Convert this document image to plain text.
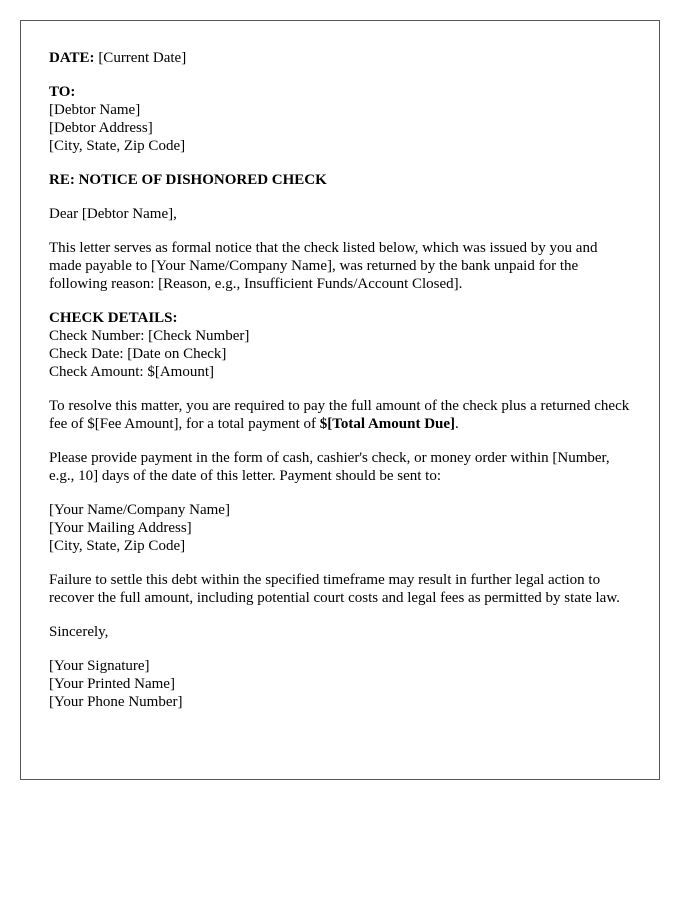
DATE: [Current Date]
TO:
[Debtor Name]
[Debtor Address]
[City, State, Zip Code]
RE: NOTICE OF DISHONORED CHECK
Dear [Debtor Name],

This letter serves as formal notice that the check listed below, which was issued by you and made payable to [Your Name/Company Name], was returned by the bank unpaid for the following reason: [Reason, e.g., Insufficient Funds/Account Closed].

CHECK DETAILS:
Check Number: [Check Number]
Check Date: [Date on Check]
Check Amount: $[Amount]

To resolve this matter, you are required to pay the full amount of the check plus a returned check fee of $[Fee Amount], for a total payment of $[Total Amount Due].

Please provide payment in the form of cash, cashier's check, or money order within [Number, e.g., 10] days of the date of this letter. Payment should be sent to:

[Your Name/Company Name]
[Your Mailing Address]
[City, State, Zip Code]

Failure to settle this debt within the specified timeframe may result in further legal action to recover the full amount, including potential court costs and legal fees as permitted by state law.

Sincerely,
[Your Signature]
[Your Printed Name]
[Your Phone Number]
